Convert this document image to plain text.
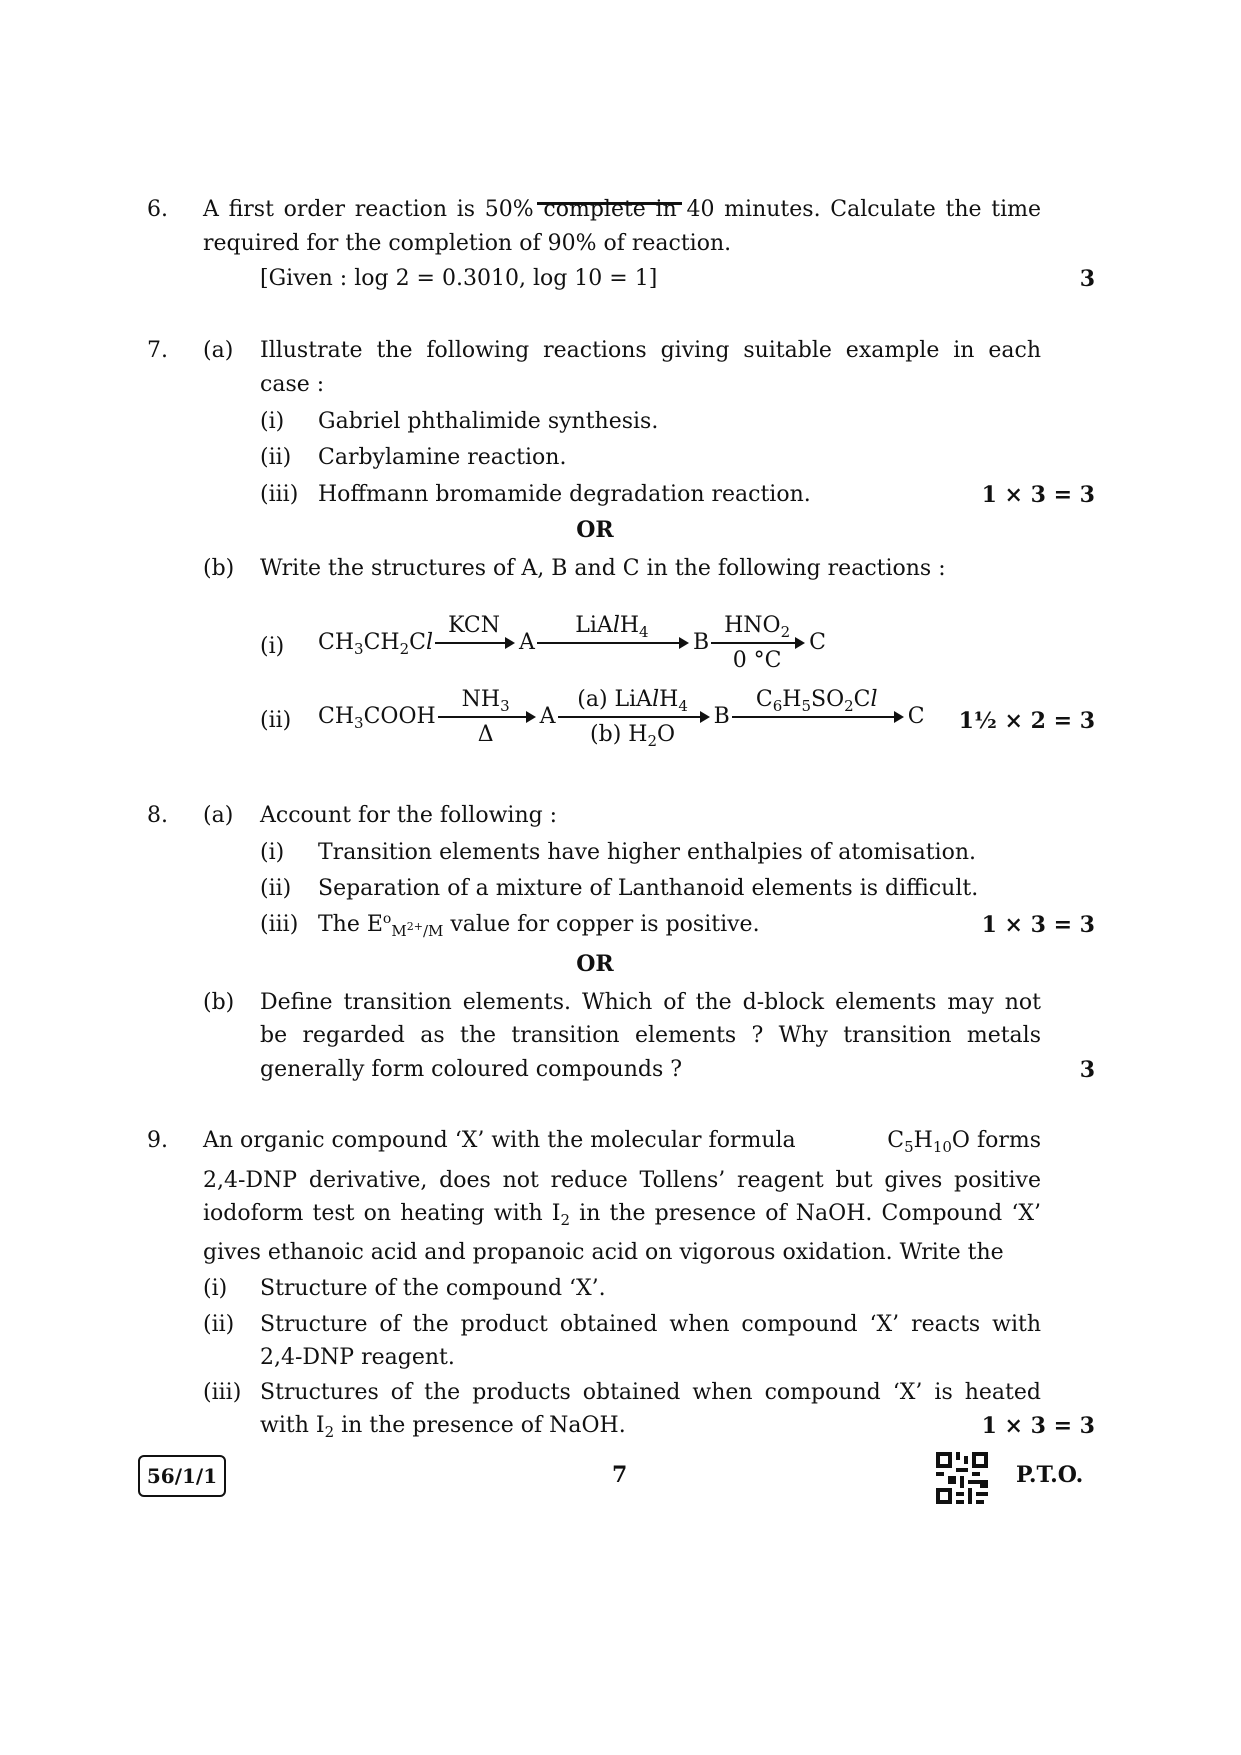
6. A first order reaction is 50% complete in 40 minutes. Calculate the time
required for the completion of 90% of reaction.
[Given : log 2 = 0.3010, log 10 = 1]	3
7. (a) Illustrate the following reactions giving suitable example in each
case :
(i) Gabriel phthalimide synthesis.
(ii) Carbylamine reaction.
(iii) Hoffmann bromamide degradation reaction.	1 × 3 = 3
OR
(b) Write the structures of A, B and C in the following reactions :
(i) $CH_3CH_2Cl$
KCN
A
LiAlH$_4$	B
$HNO_2$
0 °C
C
(ii) $CH_3COOH$
$NH_3$
Δ
A
(a) LiAlH$_4$
(b) $H_2O$
B
$C_6H_5SO_2Cl$
C 1½ × 2 = 3
8. (a) Account for the following :
(i) Transition elements have higher enthalpies of atomisation.
(ii) Separation of a mixture of Lanthanoid elements is difficult.
(iii) The $E^o_{M^{2+}/M}$ value for copper is positive.	1 × 3 = 3
OR
(b) Define transition elements. Which of the d-block elements may not
be regarded as the transition elements ? Why transition metals
generally form coloured compounds ?	3
9. An organic compound ‘X’ with the molecular formula	$C_5H_{10}O$ forms
2,4-DNP derivative, does not reduce Tollens’ reagent but gives positive
iodoform test on heating with $I_2$ in the presence of NaOH. Compound ‘X’
gives ethanoic acid and propanoic acid on vigorous oxidation. Write the
(i) Structure of the compound ‘X’.
(ii) Structure of the product obtained when compound ‘X’ reacts with
2,4-DNP reagent.
(iii) Structures of the products obtained when compound ‘X’ is heated
with $I_2$ in the presence of NaOH.	1 × 3 = 3
56/1/1	7	P.T.O.
